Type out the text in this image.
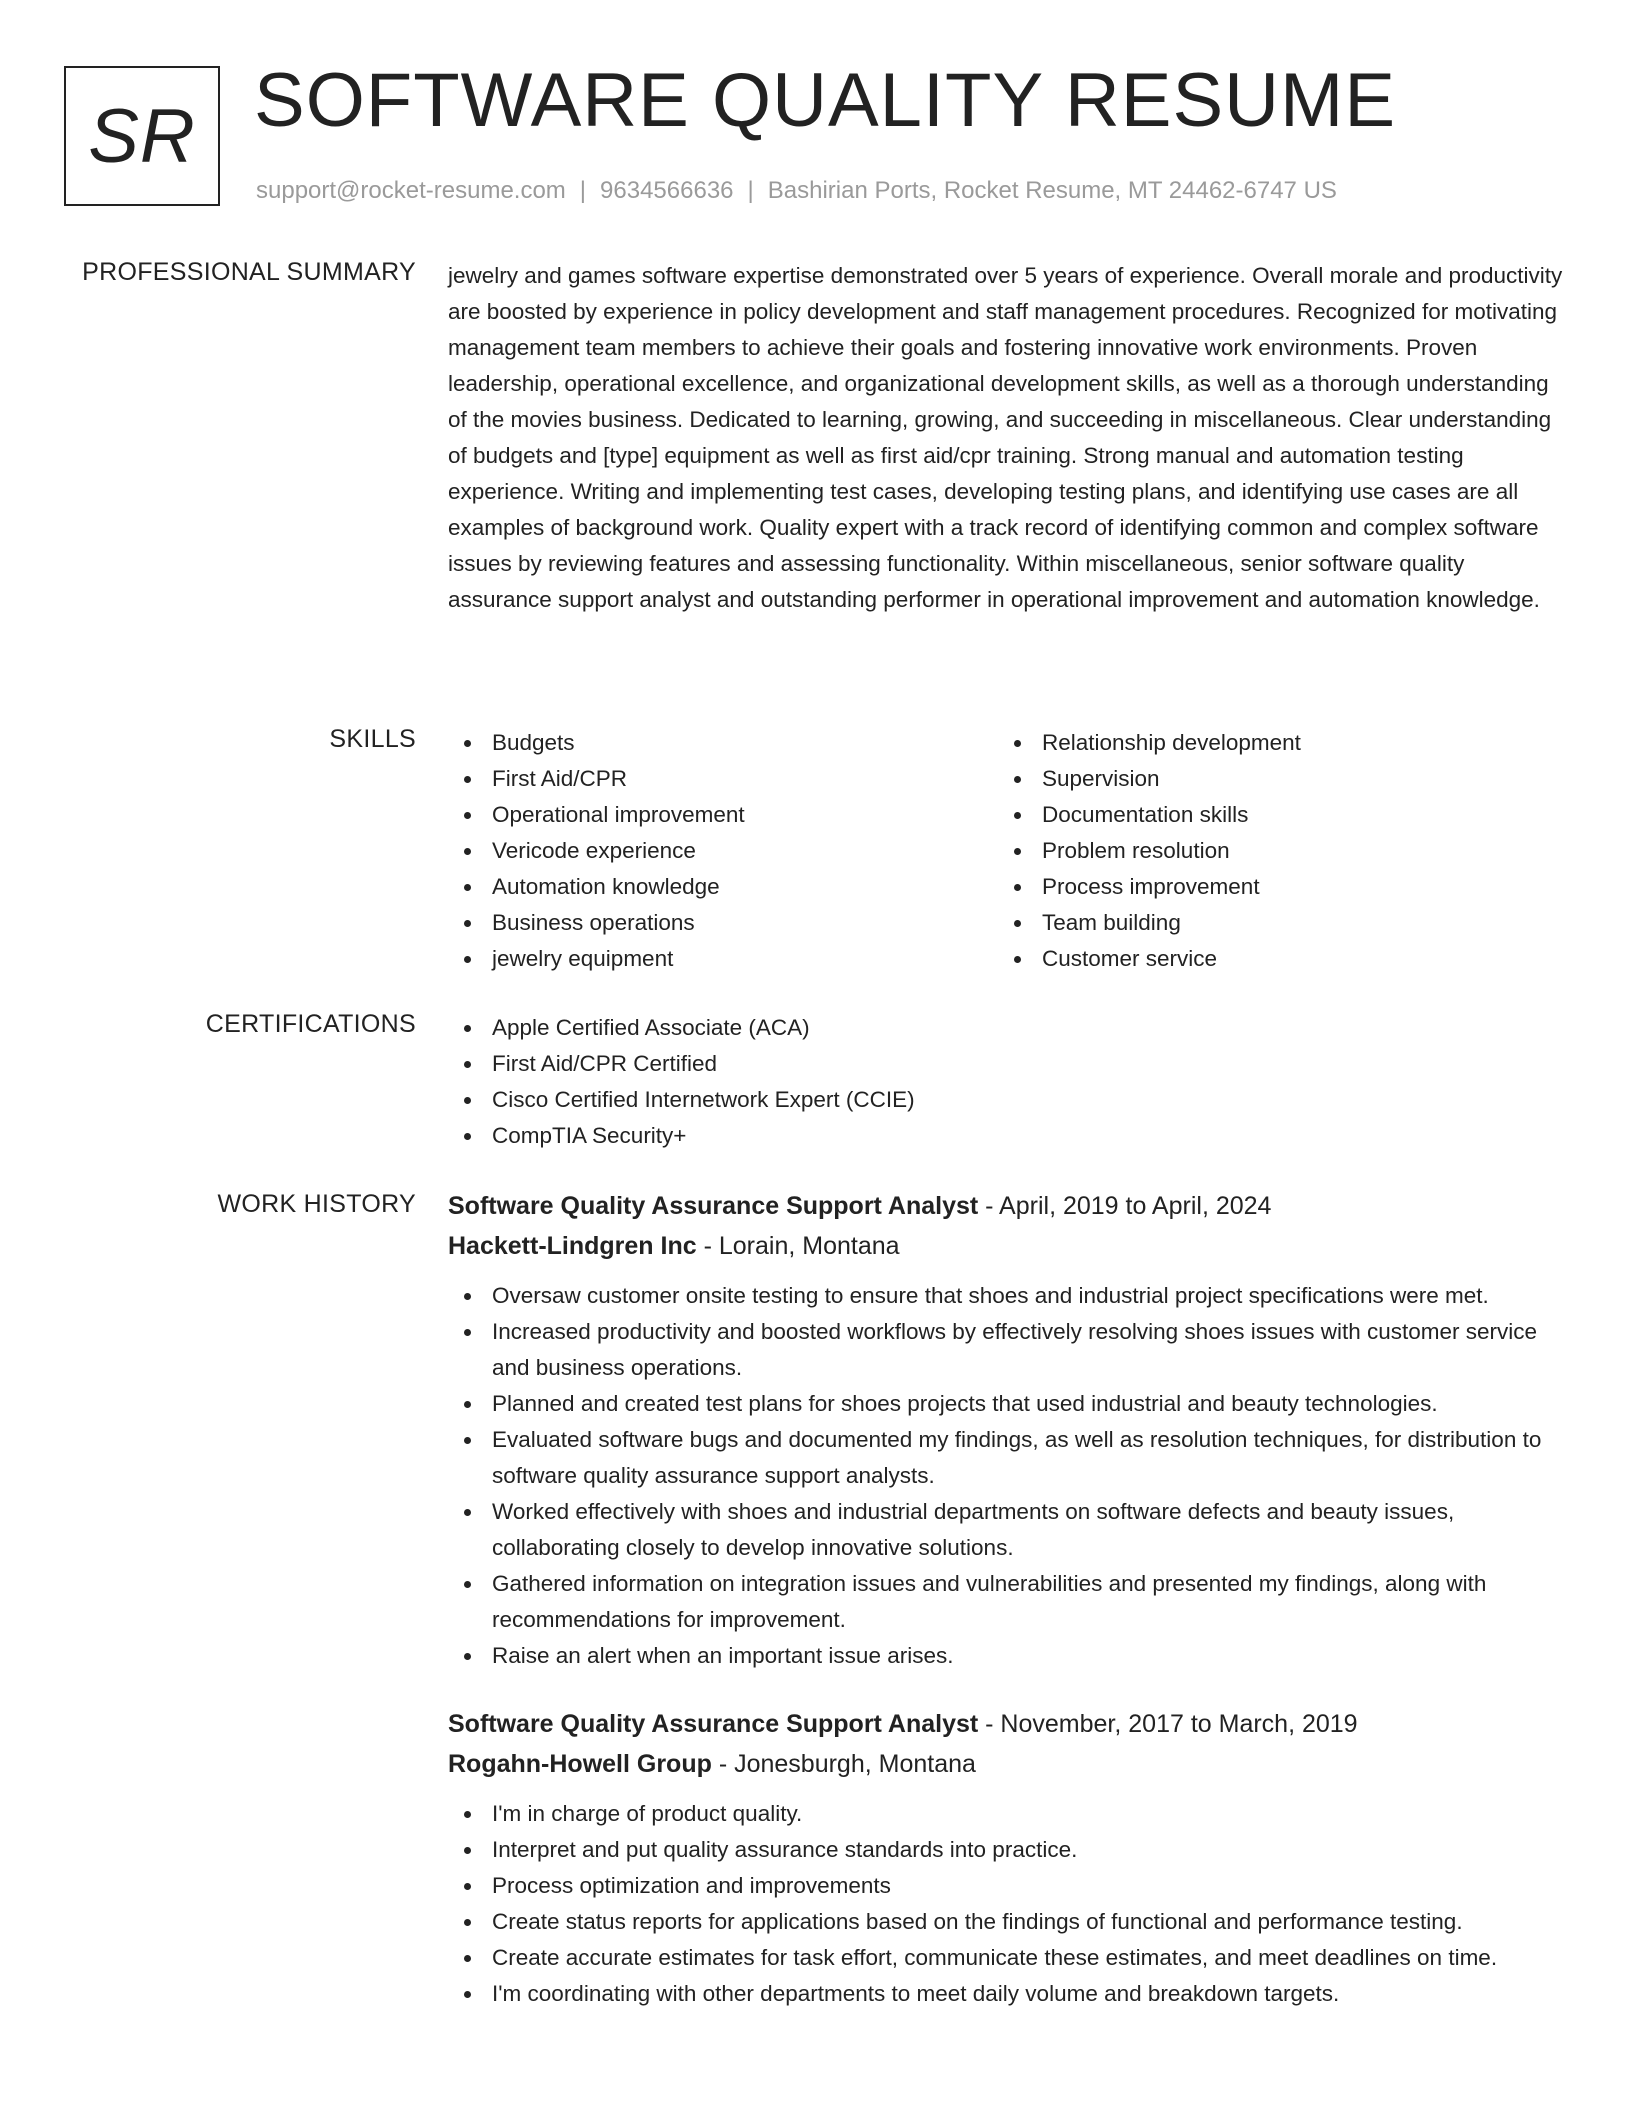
SR SOFTWARE QUALITY RESUME
support@rocket-resume.com | 9634566636 | Bashirian Ports, Rocket Resume, MT 24462-6747 US
PROFESSIONAL SUMMARY jewelry and games software expertise demonstrated over 5 years of experience. Overall morale and productivity are boosted by experience in policy development and staff management procedures. Recognized for motivating management team members to achieve their goals and fostering innovative work environments. Proven leadership, operational excellence, and organizational development skills, as well as a thorough understanding of the movies business. Dedicated to learning, growing, and succeeding in miscellaneous. Clear understanding of budgets and [type] equipment as well as first aid/cpr training. Strong manual and automation testing experience. Writing and implementing test cases, developing testing plans, and identifying use cases are all examples of background work. Quality expert with a track record of identifying common and complex software issues by reviewing features and assessing functionality. Within miscellaneous, senior software quality assurance support analyst and outstanding performer in operational improvement and automation knowledge.
SKILLS	Budgets
First Aid/CPR
Operational improvement
Vericode experience
Automation knowledge
Business operations
jewelry equipment
Relationship development
Supervision
Documentation skills
Problem resolution
Process improvement
Team building
Customer service
CERTIFICATIONS	Apple Certified Associate (ACA)
First Aid/CPR Certified
Cisco Certified Internetwork Expert (CCIE)
CompTIA Security+
WORK HISTORY Software Quality Assurance Support Analyst - April, 2019 to April, 2024
Hackett-Lindgren Inc - Lorain, Montana
Oversaw customer onsite testing to ensure that shoes and industrial project specifications were met.
Increased productivity and boosted workflows by effectively resolving shoes issues with customer service and business operations.
Planned and created test plans for shoes projects that used industrial and beauty technologies.
Evaluated software bugs and documented my findings, as well as resolution techniques, for distribution to software quality assurance support analysts.
Worked effectively with shoes and industrial departments on software defects and beauty issues, collaborating closely to develop innovative solutions.
Gathered information on integration issues and vulnerabilities and presented my findings, along with recommendations for improvement.
Raise an alert when an important issue arises.
Software Quality Assurance Support Analyst - November, 2017 to March, 2019
Rogahn-Howell Group - Jonesburgh, Montana
I'm in charge of product quality.
Interpret and put quality assurance standards into practice.
Process optimization and improvements
Create status reports for applications based on the findings of functional and performance testing.
Create accurate estimates for task effort, communicate these estimates, and meet deadlines on time.
I'm coordinating with other departments to meet daily volume and breakdown targets.
